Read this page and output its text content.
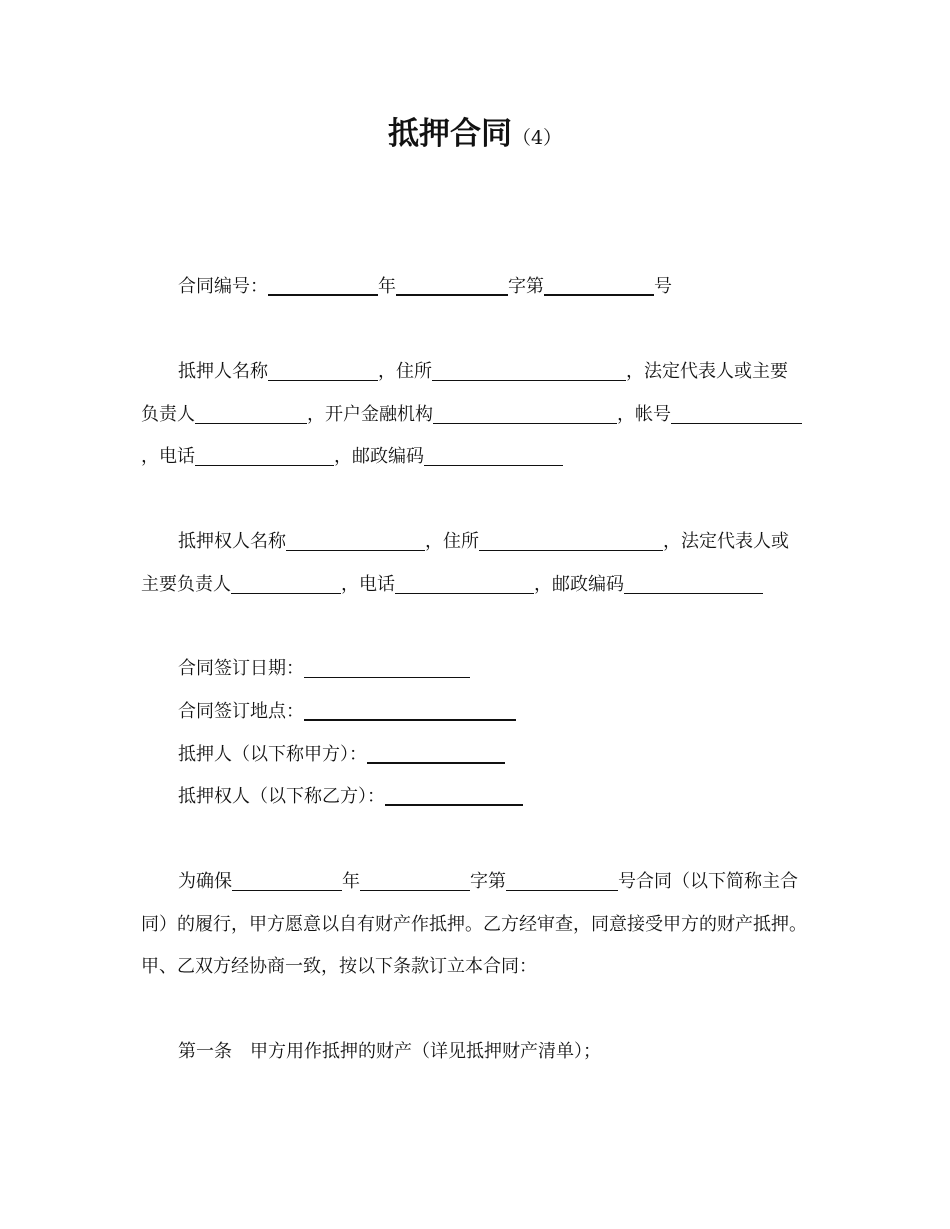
抵押合同（4）
合同编号：	年	字第	号
抵押人名称	，住所	，法定代表人或主要
负责人	，开户金融机构	，帐号
，电话	，邮政编码
抵押权人名称	，住所	，法定代表人或
主要负责人	，电话	，邮政编码
合同签订日期：
合同签订地点：
抵押人（以下称甲方）：
抵押权人（以下称乙方）：
为确保	年	字第	号合同（以下简称主合
同）的履行，甲方愿意以自有财产作抵押。乙方经审查，同意接受甲方的财产抵押。
甲、乙双方经协商一致，按以下条款订立本合同：
第一条 甲方用作抵押的财产（详见抵押财产清单）；
